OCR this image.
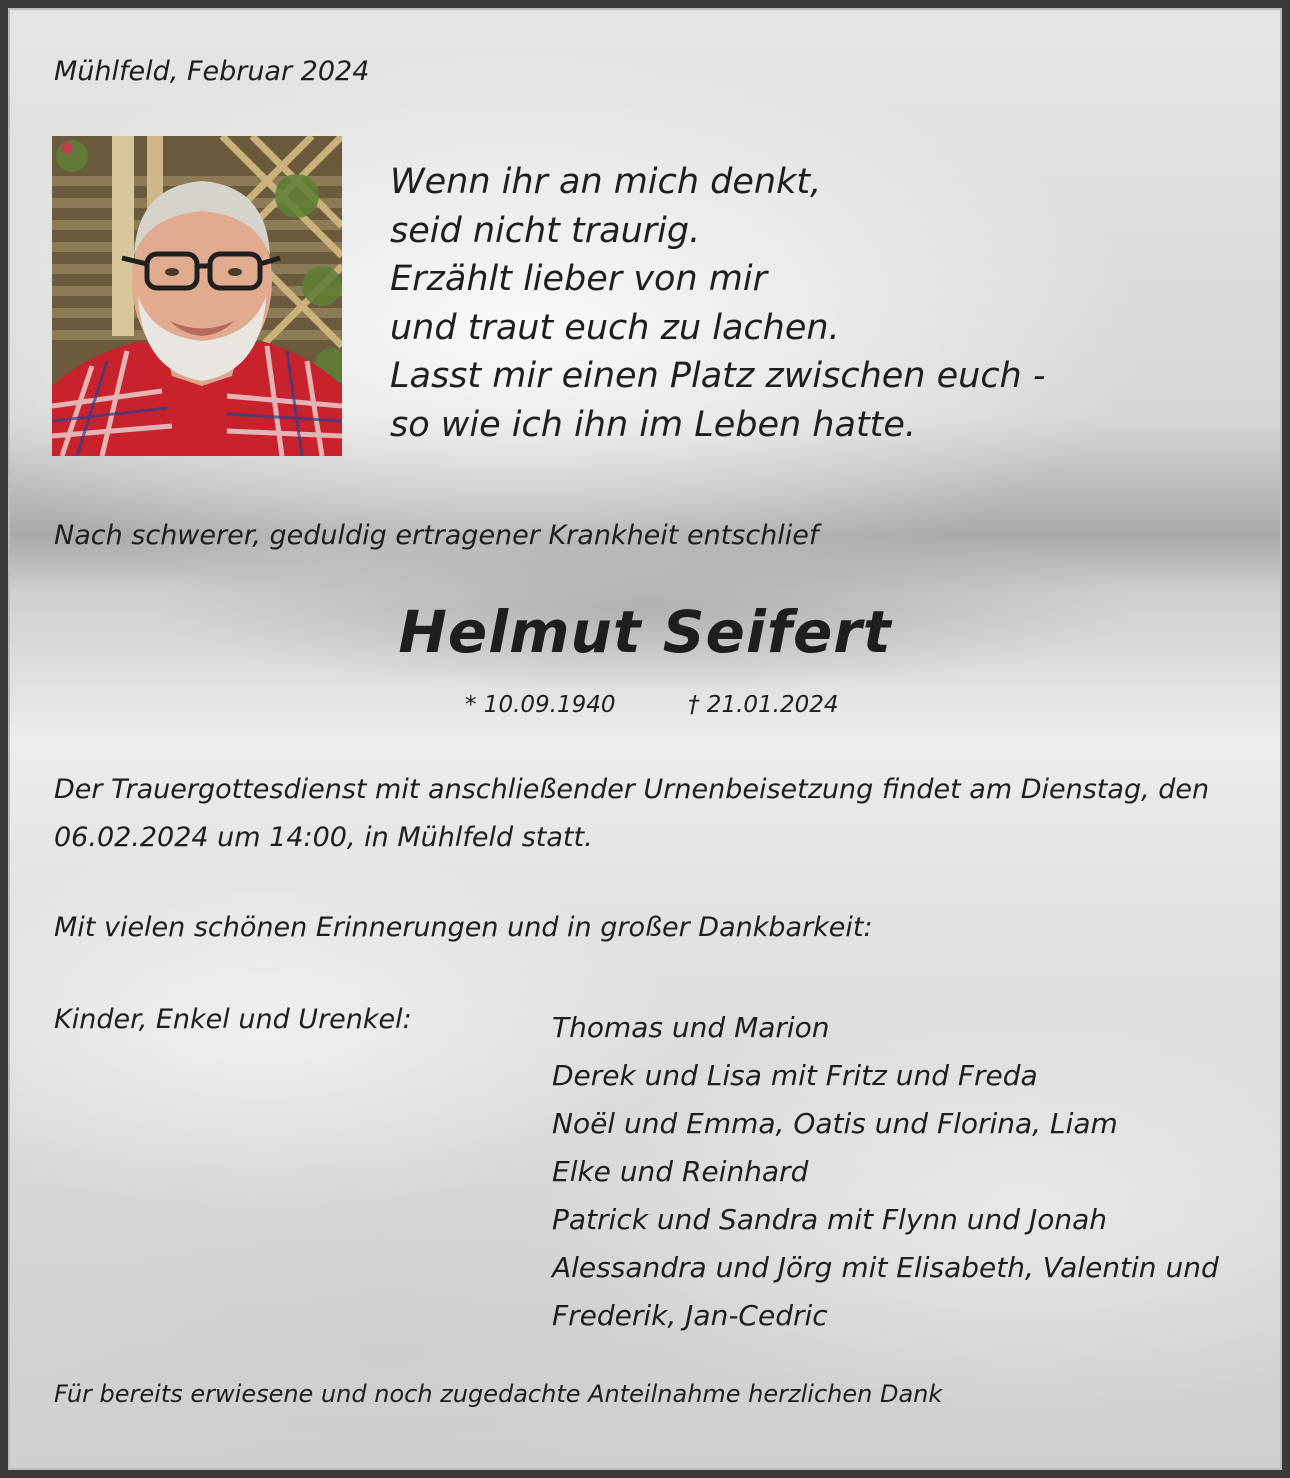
Mühlfeld, Februar 2024
Wenn ihr an mich denkt,
seid nicht traurig.
Erzählt lieber von mir
und traut euch zu lachen.
Lasst mir einen Platz zwischen euch -
so wie ich ihn im Leben hatte.
Nach schwerer, geduldig ertragener Krankheit entschlief
Helmut Seifert
* 10.09.1940	† 21.01.2024
Der Trauergottesdienst mit anschließender Urnenbeisetzung findet am Dienstag, den 06.02.2024 um 14:00, in Mühlfeld statt.
Mit vielen schönen Erinnerungen und in großer Dankbarkeit:
Kinder, Enkel und Urenkel:	Thomas und Marion
Derek und Lisa mit Fritz und Freda
Noël und Emma, Oatis und Florina, Liam
Elke und Reinhard
Patrick und Sandra mit Flynn und Jonah
Alessandra und Jörg mit Elisabeth, Valentin und
Frederik, Jan-Cedric
Für bereits erwiesene und noch zugedachte Anteilnahme herzlichen Dank
